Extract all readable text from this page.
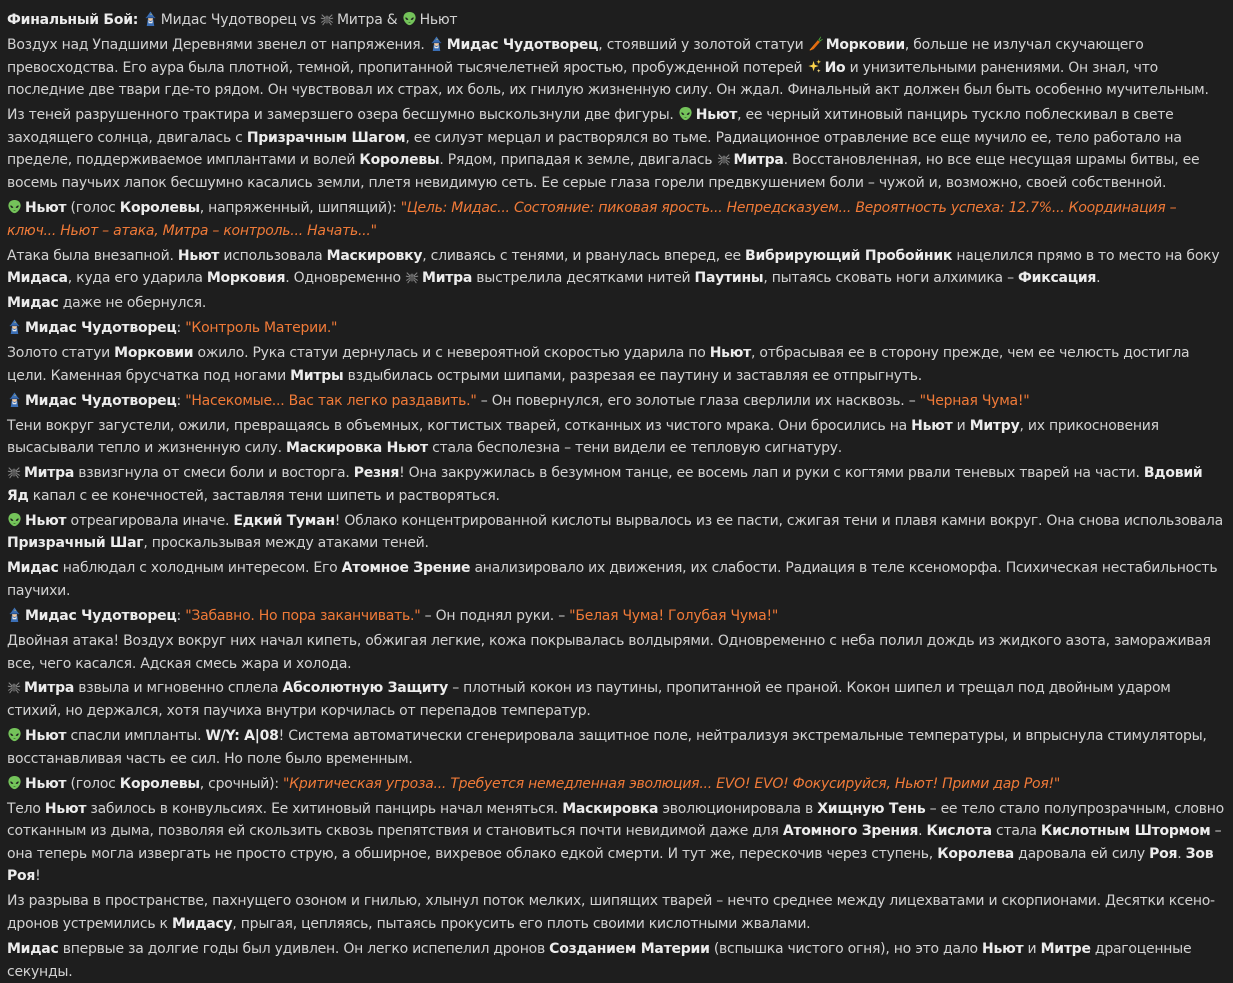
Финальный Бой:
Мидас Чудотворец vs
Митра &
Ньют
Воздух над Упадшими Деревнями звенел от напряжения.
Мидас Чудотворец, стоявший у золотой статуи
Морковии, больше не излучал скучающего превосходства. Его аура была плотной, темной, пропитанной тысячелетней яростью, пробужденной потерей
Ио и унизительными ранениями. Он знал, что последние две твари где-то рядом. Он чувствовал их страх, их боль, их гнилую жизненную силу. Он ждал. Финальный акт должен был быть особенно мучительным.
Из теней разрушенного трактира и замерзшего озера бесшумно выскользнули две фигуры.
Ньют, ее черный хитиновый панцирь тускло поблескивал в свете заходящего солнца, двигалась с Призрачным Шагом, ее силуэт мерцал и растворялся во тьме. Радиационное отравление все еще мучило ее, тело работало на пределе, поддерживаемое имплантами и волей Королевы. Рядом, припадая к земле, двигалась
Митра. Восстановленная, но все еще несущая шрамы битвы, ее восемь паучьих лапок бесшумно касались земли, плетя невидимую сеть. Ее серые глаза горели предвкушением боли – чужой и, возможно, своей собственной.
Ньют (голос Королевы, напряженный, шипящий): "Цель: Мидас... Состояние: пиковая ярость... Непредсказуем... Вероятность успеха: 12.7%... Координация – ключ... Ньют – атака, Митра – контроль... Начать..."
Атака была внезапной. Ньют использовала Маскировку, сливаясь с тенями, и рванулась вперед, ее Вибрирующий Пробойник нацелился прямо в то место на боку Мидаса, куда его ударила Морковия. Одновременно
Митра выстрелила десятками нитей Паутины, пытаясь сковать ноги алхимика – Фиксация.
Мидас даже не обернулся.
Мидас Чудотворец: "Контроль Материи."
Золото статуи Морковии ожило. Рука статуи дернулась и с невероятной скоростью ударила по Ньют, отбрасывая ее в сторону прежде, чем ее челюсть достигла цели. Каменная брусчатка под ногами Митры вздыбилась острыми шипами, разрезая ее паутину и заставляя ее отпрыгнуть.
Мидас Чудотворец: "Насекомые... Вас так легко раздавить." – Он повернулся, его золотые глаза сверлили их насквозь. – "Черная Чума!"
Тени вокруг загустели, ожили, превращаясь в объемных, когтистых тварей, сотканных из чистого мрака. Они бросились на Ньют и Митру, их прикосновения высасывали тепло и жизненную силу. Маскировка Ньют стала бесполезна – тени видели ее тепловую сигнатуру.
Митра взвизгнула от смеси боли и восторга. Резня! Она закружилась в безумном танце, ее восемь лап и руки с когтями рвали теневых тварей на части. Вдовий Яд капал с ее конечностей, заставляя тени шипеть и растворяться.
Ньют отреагировала иначе. Едкий Туман! Облако концентрированной кислоты вырвалось из ее пасти, сжигая тени и плавя камни вокруг. Она снова использовала Призрачный Шаг, проскальзывая между атаками теней.
Мидас наблюдал с холодным интересом. Его Атомное Зрение анализировало их движения, их слабости. Радиация в теле ксеноморфа. Психическая нестабильность паучихи.
Мидас Чудотворец: "Забавно. Но пора заканчивать." – Он поднял руки. – "Белая Чума! Голубая Чума!"
Двойная атака! Воздух вокруг них начал кипеть, обжигая легкие, кожа покрывалась волдырями. Одновременно с неба полил дождь из жидкого азота, замораживая все, чего касался. Адская смесь жара и холода.
Митра взвыла и мгновенно сплела Абсолютную Защиту – плотный кокон из паутины, пропитанной ее праной. Кокон шипел и трещал под двойным ударом стихий, но держался, хотя паучиха внутри корчилась от перепадов температур.
Ньют спасли импланты. W/Y: A|08! Система автоматически сгенерировала защитное поле, нейтрализуя экстремальные температуры, и впрыснула стимуляторы, восстанавливая часть ее сил. Но поле было временным.
Ньют (голос Королевы, срочный): "Критическая угроза... Требуется немедленная эволюция... EVO! EVO! Фокусируйся, Ньют! Прими дар Роя!"
Тело Ньют забилось в конвульсиях. Ее хитиновый панцирь начал меняться. Маскировка эволюционировала в Хищную Тень – ее тело стало полупрозрачным, словно сотканным из дыма, позволяя ей скользить сквозь препятствия и становиться почти невидимой даже для Атомного Зрения. Кислота стала Кислотным Штормом – она теперь могла извергать не просто струю, а обширное, вихревое облако едкой смерти. И тут же, перескочив через ступень, Королева даровала ей силу Роя. Зов Роя!
Из разрыва в пространстве, пахнущего озоном и гнилью, хлынул поток мелких, шипящих тварей – нечто среднее между лицехватами и скорпионами. Десятки ксено-дронов устремились к Мидасу, прыгая, цепляясь, пытаясь прокусить его плоть своими кислотными жвалами.
Мидас впервые за долгие годы был удивлен. Он легко испепелил дронов Созданием Материи (вспышка чистого огня), но это дало Ньют и Митре драгоценные секунды.
